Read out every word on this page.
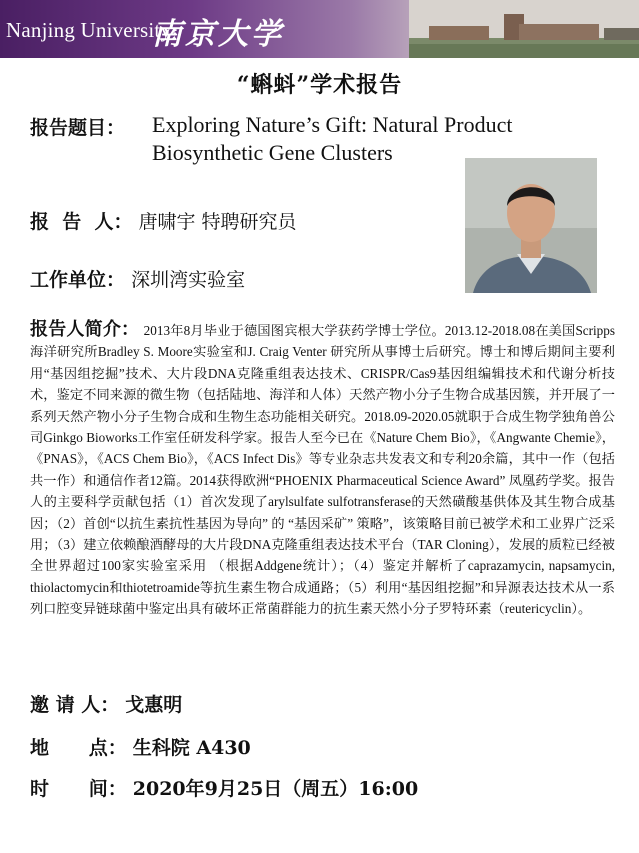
Nanjing University
南京大学
“蝌蚪”学术报告
报告题目： Exploring Nature’s Gift: Natural Product Biosynthetic Gene Clusters
报  告  人： 唐啸宇 特聘研究员
工作单位： 深圳湾实验室
报告人简介： 2013年8月毕业于德国图宾根大学获药学博士学位。2013.12-2018.08在美国Scripps海洋研究所Bradley S. Moore实验室和J. Craig Venter 研究所从事博士后研究。博士和博后期间主要利用“基因组挖掘”技术、大片段DNA克隆重组表达技术、CRISPR/Cas9基因组编辑技术和代谢分析技术，鉴定不同来源的微生物（包括陆地、海洋和人体）天然产物小分子生物合成基因簇，并开展了一系列天然产物小分子生物合成和生物生态功能相关研究。2018.09-2020.05就职于合成生物学独角兽公司Ginkgo Bioworks工作室任研发科学家。报告人至今已在《Nature Chem Bio》，《Angwante Chemie》，《PNAS》，《ACS Chem Bio》，《ACS Infect Dis》等专业杂志共发表文和专利20余篇，其中一作（包括共一作）和通信作者12篇。2014获得欧洲“PHOENIX Pharmaceutical Science Award” 凤凰药学奖。报告人的主要科学贡献包括（1）首次发现了arylsulfate sulfotransferase的天然磺酸基供体及其生物合成基因；（2）首创“以抗生素抗性基因为导向” 的 “基因采矿” 策略”，该策略目前已被学术和工业界广泛采用；（3）建立依赖酿酒酵母的大片段DNA克隆重组表达技术平台（TAR Cloning），发展的质粒已经被全世界超过100家实验室采用 （根据Addgene统计）；（4）鉴定并解析了caprazamycin, napsamycin, thiolactomycin和thiotetroamide等抗生素生物合成通路；（5）利用“基因组挖掘”和异源表达技术从一系列口腔变异链球菌中鉴定出具有破坏正常菌群能力的抗生素天然小分子罗特环素（reutericyclin）。
邀 请 人： 戈惠明
地      点： 生科院 A430
时      间： 2020年9月25日（周五）16:00
